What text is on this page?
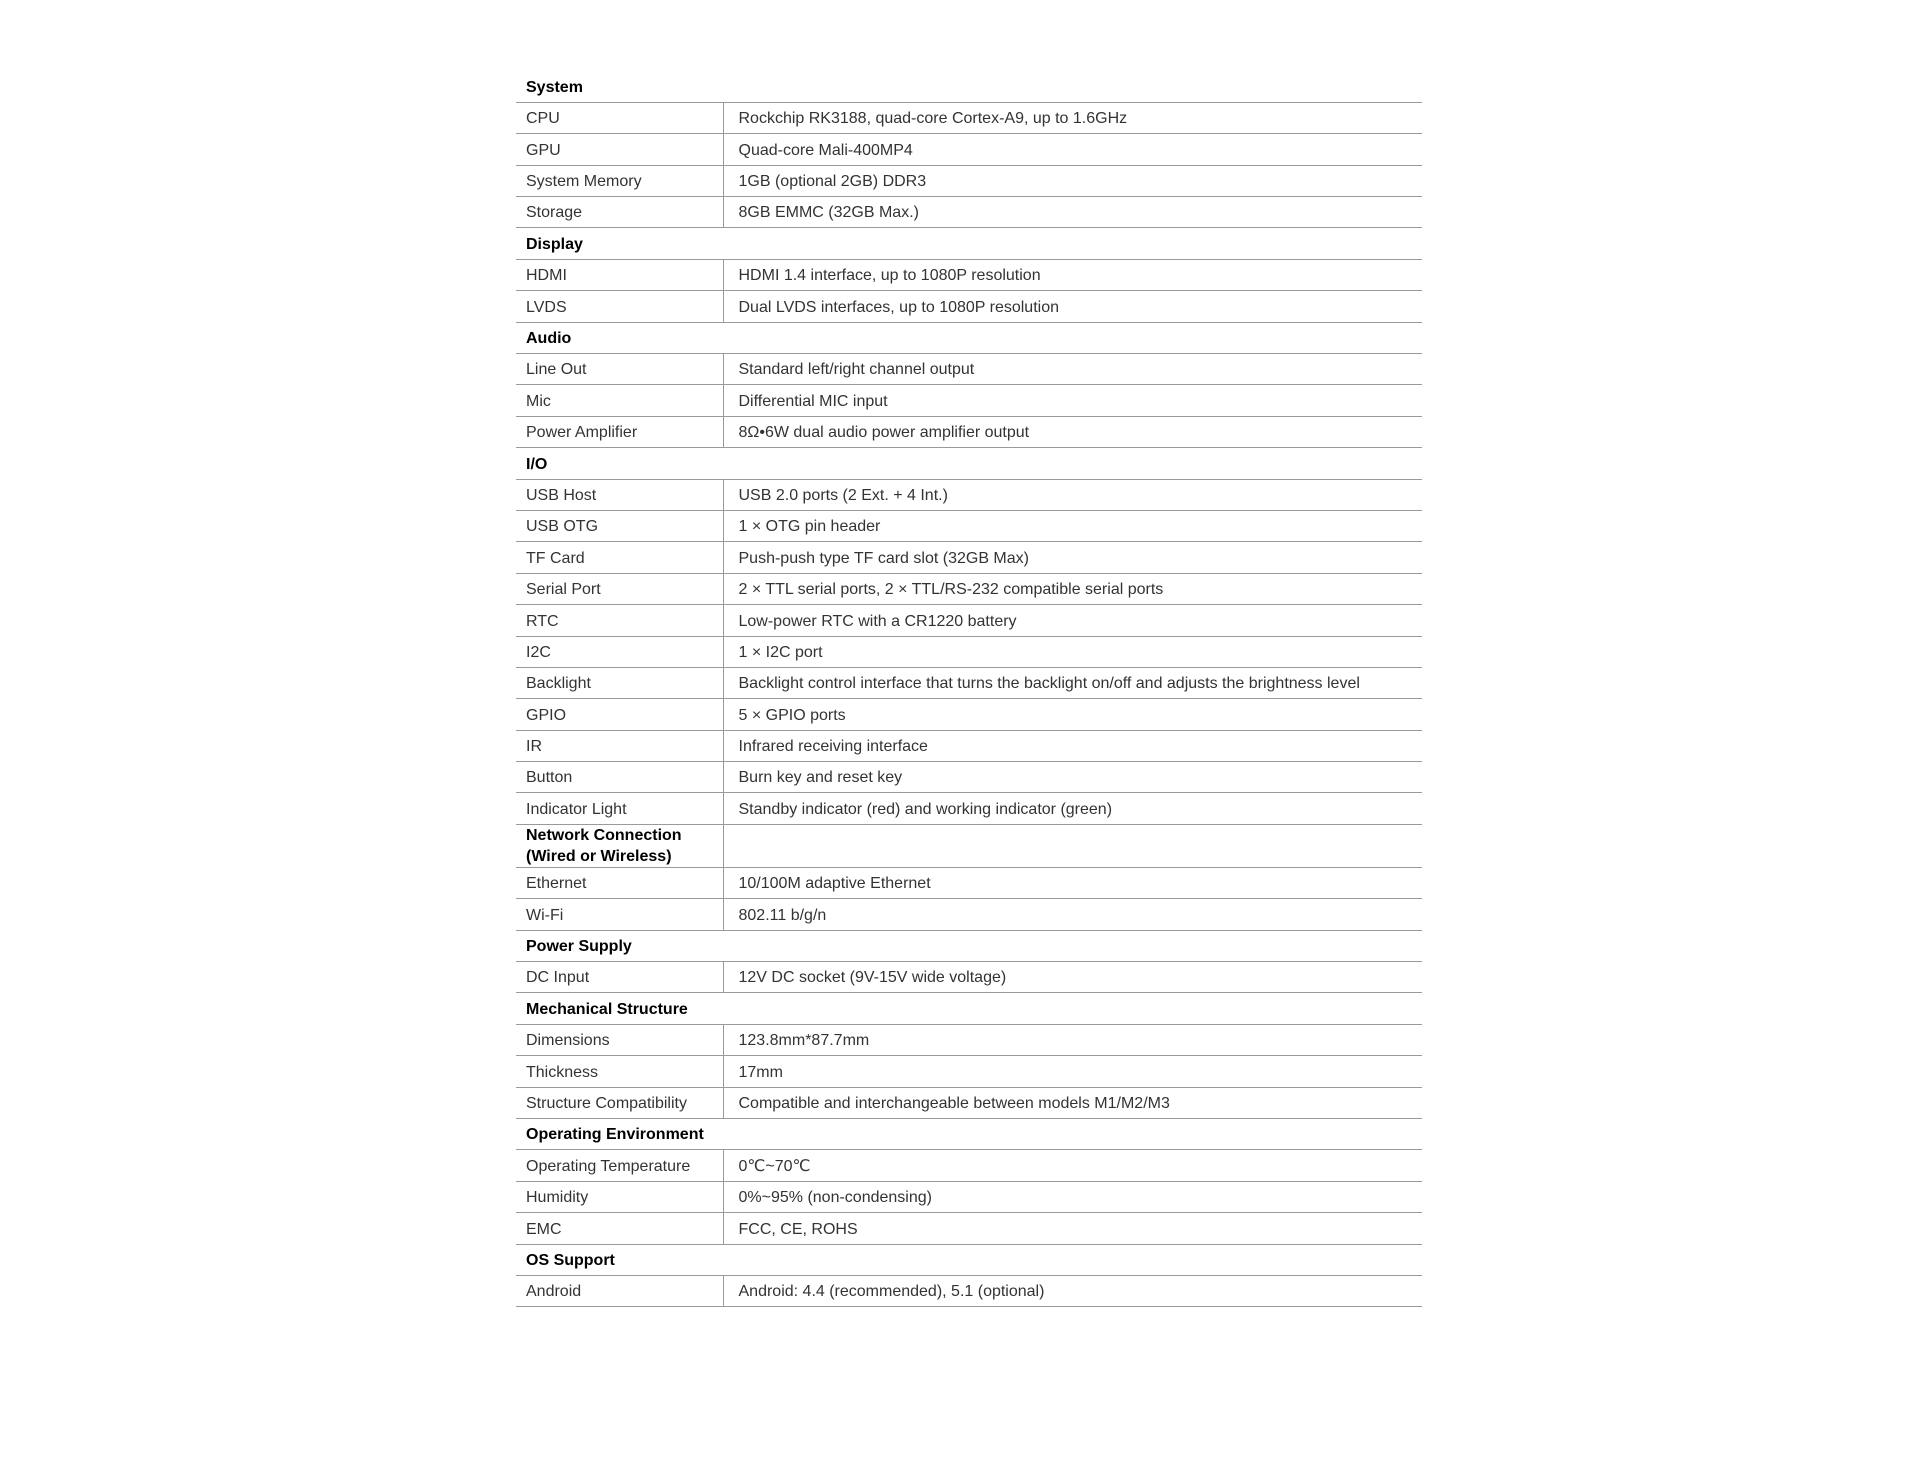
System	
CPU	Rockchip RK3188, quad-core Cortex-A9, up to 1.6GHz
GPU	Quad-core Mali-400MP4
System Memory	1GB (optional 2GB) DDR3
Storage	8GB EMMC (32GB Max.)
Display	
HDMI	HDMI 1.4 interface, up to 1080P resolution
LVDS	Dual LVDS interfaces, up to 1080P resolution
Audio	
Line Out	Standard left/right channel output
Mic	Differential MIC input
Power Amplifier	8Ω•6W dual audio power amplifier output
I/O	
USB Host	USB 2.0 ports (2 Ext. + 4 Int.)
USB OTG	1 × OTG pin header
TF Card	Push-push type TF card slot (32GB Max)
Serial Port	2 × TTL serial ports, 2 × TTL/RS-232 compatible serial ports
RTC	Low-power RTC with a CR1220 battery
I2C	1 × I2C port
Backlight	Backlight control interface that turns the backlight on/off and adjusts the brightness level
GPIO	5 × GPIO ports
IR	Infrared receiving interface
Button	Burn key and reset key
Indicator Light	Standby indicator (red) and working indicator (green)
Network Connection (Wired or Wireless)	
Ethernet	10/100M adaptive Ethernet
Wi-Fi	802.11 b/g/n
Power Supply	
DC Input	12V DC socket (9V-15V wide voltage)
Mechanical Structure	
Dimensions	123.8mm*87.7mm
Thickness	17mm
Structure Compatibility	Compatible and interchangeable between models M1/M2/M3
Operating Environment	
Operating Temperature	0℃~70℃
Humidity	0%~95% (non-condensing)
EMC	FCC, CE, ROHS
OS Support	
Android	Android: 4.4 (recommended), 5.1 (optional)
